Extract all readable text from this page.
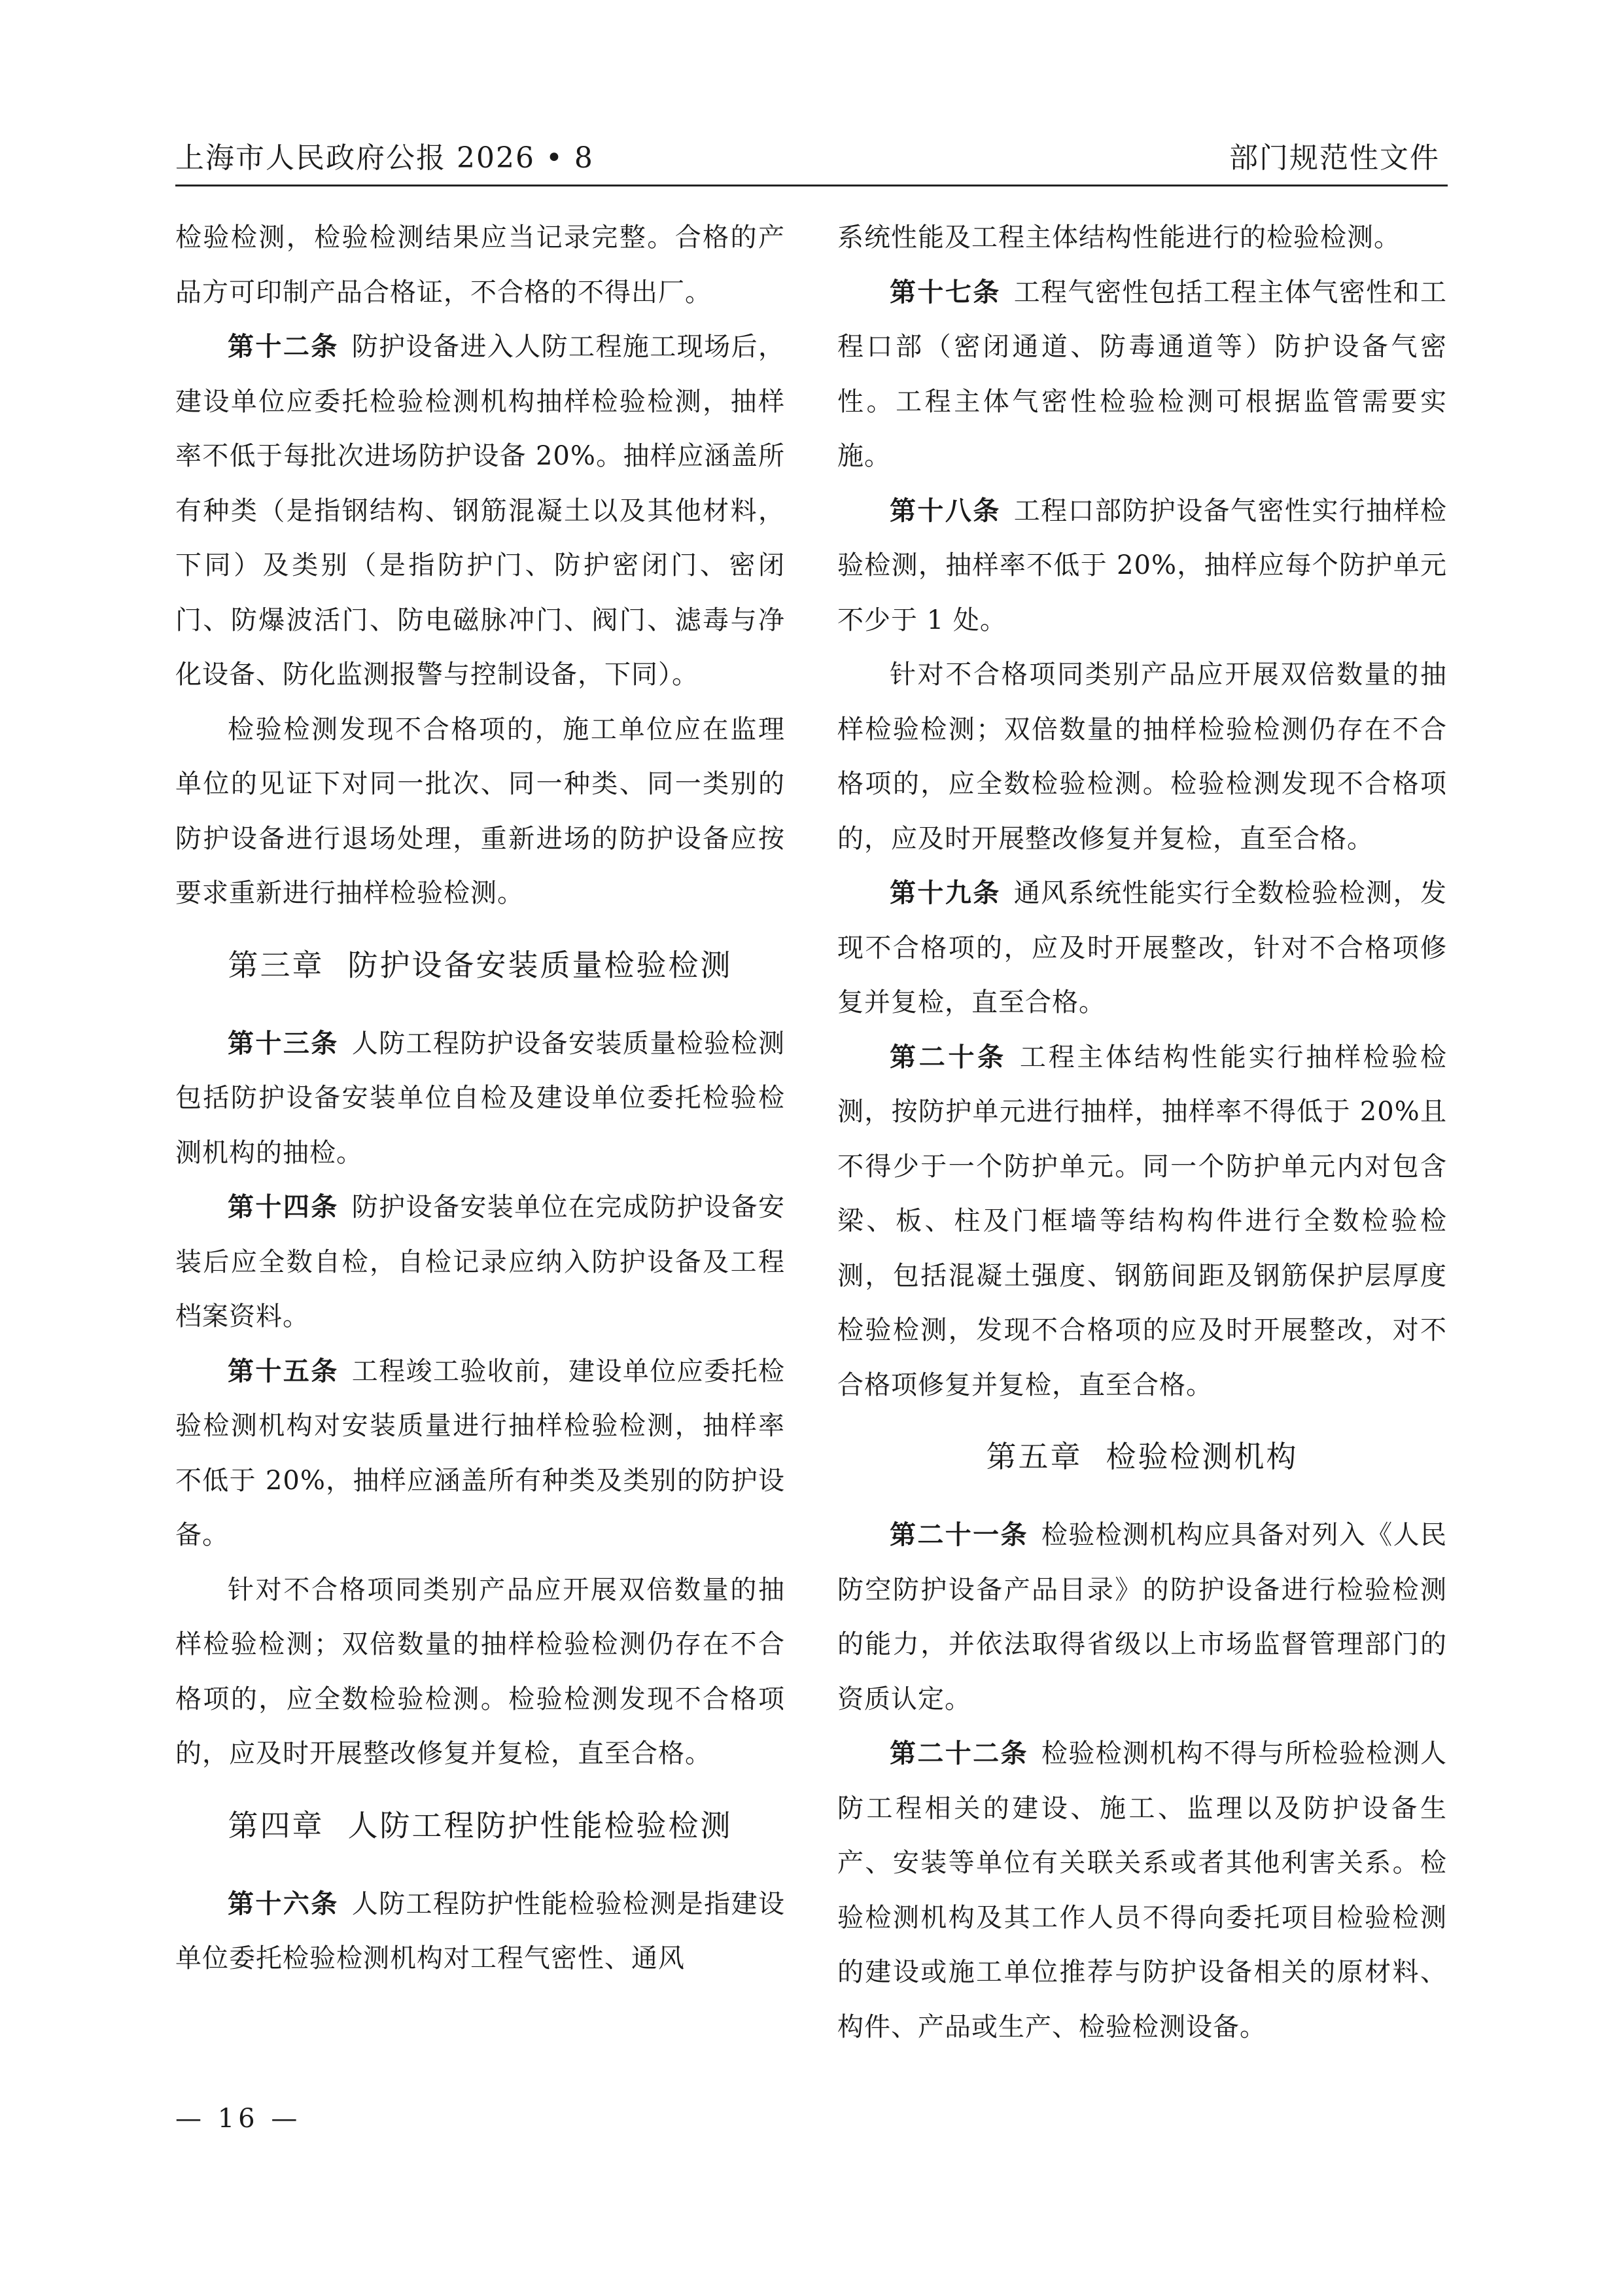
上海市人民政府公报 2026 • 8	部门规范性文件

检验检测，检验检测结果应当记录完整。合格的产品方可印制产品合格证，不合格的不得出厂。

第十二条 防护设备进入人防工程施工现场后，建设单位应委托检验检测机构抽样检验检测，抽样率不低于每批次进场防护设备 20%。抽样应涵盖所有种类（是指钢结构、钢筋混凝土以及其他材料，下同）及类别（是指防护门、防护密闭门、密闭门、防爆波活门、防电磁脉冲门、阀门、滤毒与净化设备、防化监测报警与控制设备，下同）。

检验检测发现不合格项的，施工单位应在监理单位的见证下对同一批次、同一种类、同一类别的防护设备进行退场处理，重新进场的防护设备应按要求重新进行抽样检验检测。

第三章 防护设备安装质量检验检测

第十三条 人防工程防护设备安装质量检验检测包括防护设备安装单位自检及建设单位委托检验检测机构的抽检。

第十四条 防护设备安装单位在完成防护设备安装后应全数自检，自检记录应纳入防护设备及工程档案资料。

第十五条 工程竣工验收前，建设单位应委托检验检测机构对安装质量进行抽样检验检测，抽样率不低于 20%，抽样应涵盖所有种类及类别的防护设备。

针对不合格项同类别产品应开展双倍数量的抽样检验检测；双倍数量的抽样检验检测仍存在不合格项的，应全数检验检测。检验检测发现不合格项的，应及时开展整改修复并复检，直至合格。

第四章 人防工程防护性能检验检测

第十六条 人防工程防护性能检验检测是指建设单位委托检验检测机构对工程气密性、通风

系统性能及工程主体结构性能进行的检验检测。

第十七条 工程气密性包括工程主体气密性和工程口部（密闭通道、防毒通道等）防护设备气密性。工程主体气密性检验检测可根据监管需要实施。

第十八条 工程口部防护设备气密性实行抽样检验检测，抽样率不低于 20%，抽样应每个防护单元不少于 1 处。

针对不合格项同类别产品应开展双倍数量的抽样检验检测；双倍数量的抽样检验检测仍存在不合格项的，应全数检验检测。检验检测发现不合格项的，应及时开展整改修复并复检，直至合格。

第十九条 通风系统性能实行全数检验检测，发现不合格项的，应及时开展整改，针对不合格项修复并复检，直至合格。

第二十条 工程主体结构性能实行抽样检验检测，按防护单元进行抽样，抽样率不得低于 20%且不得少于一个防护单元。同一个防护单元内对包含梁、板、柱及门框墙等结构构件进行全数检验检测，包括混凝土强度、钢筋间距及钢筋保护层厚度检验检测，发现不合格项的应及时开展整改，对不合格项修复并复检，直至合格。

第五章 检验检测机构

第二十一条 检验检测机构应具备对列入《人民防空防护设备产品目录》的防护设备进行检验检测的能力，并依法取得省级以上市场监督管理部门的资质认定。

第二十二条 检验检测机构不得与所检验检测人防工程相关的建设、施工、监理以及防护设备生产、安装等单位有关联关系或者其他利害关系。检验检测机构及其工作人员不得向委托项目检验检测的建设或施工单位推荐与防护设备相关的原材料、构件、产品或生产、检验检测设备。

— 16 —
